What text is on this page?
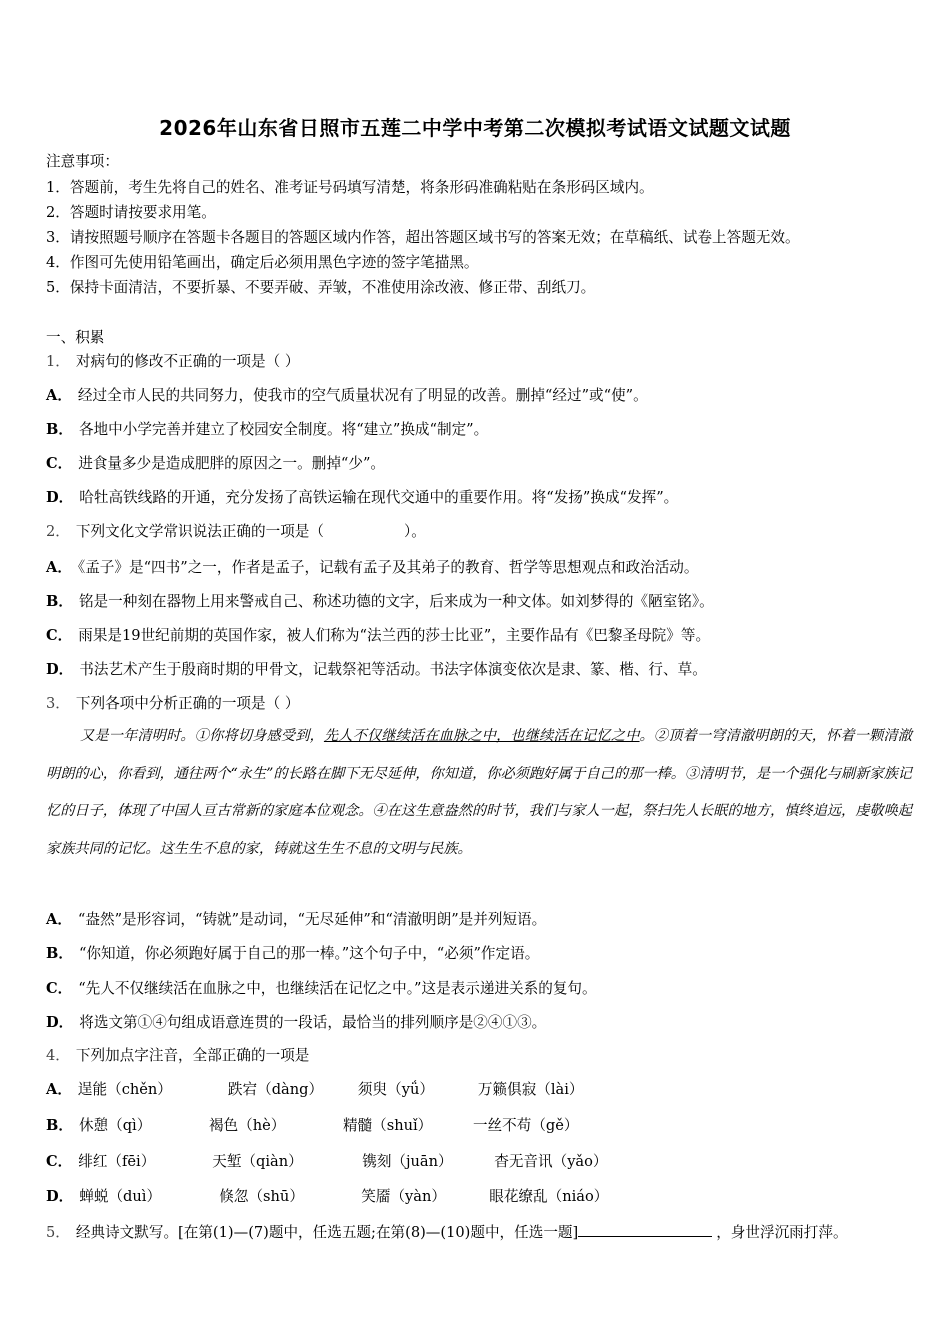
2026年山东省日照市五莲二中学中考第二次模拟考试语文试题文试题
注意事项：
1．答题前，考生先将自己的姓名、准考证号码填写清楚，将条形码准确粘贴在条形码区域内。
2．答题时请按要求用笔。
3．请按照题号顺序在答题卡各题目的答题区域内作答，超出答题区域书写的答案无效；在草稿纸、试卷上答题无效。
4．作图可先使用铅笔画出，确定后必须用黑色字迹的签字笔描黑。
5．保持卡面清洁，不要折暴、不要弄破、弄皱，不准使用涂改液、修正带、刮纸刀。
一、积累
1． 对病句的修改不正确的一项是（ ）
A． 经过全市人民的共同努力，使我市的空气质量状况有了明显的改善。删掉“经过”或“使”。
B． 各地中小学完善并建立了校园安全制度。将“建立”换成“制定”。
C． 进食量多少是造成肥胖的原因之一。删掉“少”。
D． 哈牡高铁线路的开通，充分发扬了高铁运输在现代交通中的重要作用。将“发扬”换成“发挥”。
2． 下列文化文学常识说法正确的一项是（	）。
A． 《孟子》是“四书”之一，作者是孟子，记载有孟子及其弟子的教育、哲学等思想观点和政治活动。
B． 铭是一种刻在器物上用来警戒自己、称述功德的文字，后来成为一种文体。如刘梦得的《陋室铭》。
C． 雨果是19世纪前期的英国作家，被人们称为“法兰西的莎士比亚”，主要作品有《巴黎圣母院》等。
D． 书法艺术产生于殷商时期的甲骨文，记载祭祀等活动。书法字体演变依次是隶、篆、楷、行、草。
3． 下列各项中分析正确的一项是（ ）
又是一年清明时。①你将切身感受到，先人不仅继续活在血脉之中，也继续活在记忆之中。②顶着一穹清澈明朗的天，怀着一颗清澈明朗的心，你看到，通往两个“永生”的长路在脚下无尽延伸，你知道，你必须跑好属于自己的那一棒。③清明节，是一个强化与刷新家族记忆的日子，体现了中国人亘古常新的家庭本位观念。④在这生意盎然的时节，我们与家人一起，祭扫先人长眠的地方，慎终追远，虔敬唤起家族共同的记忆。这生生不息的家，铸就这生生不息的文明与民族。
A． “盎然”是形容词，“铸就”是动词，“无尽延伸”和“清澈明朗”是并列短语。
B． “你知道，你必须跑好属于自己的那一棒。”这个句子中，“必须”作定语。
C． “先人不仅继续活在血脉之中，也继续活在记忆之中。”这是表示递进关系的复句。
D． 将选文第①④句组成语意连贯的一段话，最恰当的排列顺序是②④①③。
4． 下列加点字注音，全部正确的一项是
A． 逞能（chěn）	跌宕（dàng） 须臾（yǘ）	万籁俱寂（lài）
B． 休憩（qì）	褐色（hè）	精髓（shuǐ）	一丝不苟（gě）
C． 绯红（fēi）	天堑（qiàn）	镌刻（juān）	杳无音讯（yǎo）
D． 蝉蜕（duì）	倏忽（shū）	笑靥（yàn）	眼花缭乱（niáo）
5． 经典诗文默写。[在第(1)—(7)题中，任选五题;在第(8)—(10)题中，任选一题]	，身世浮沉雨打萍。
